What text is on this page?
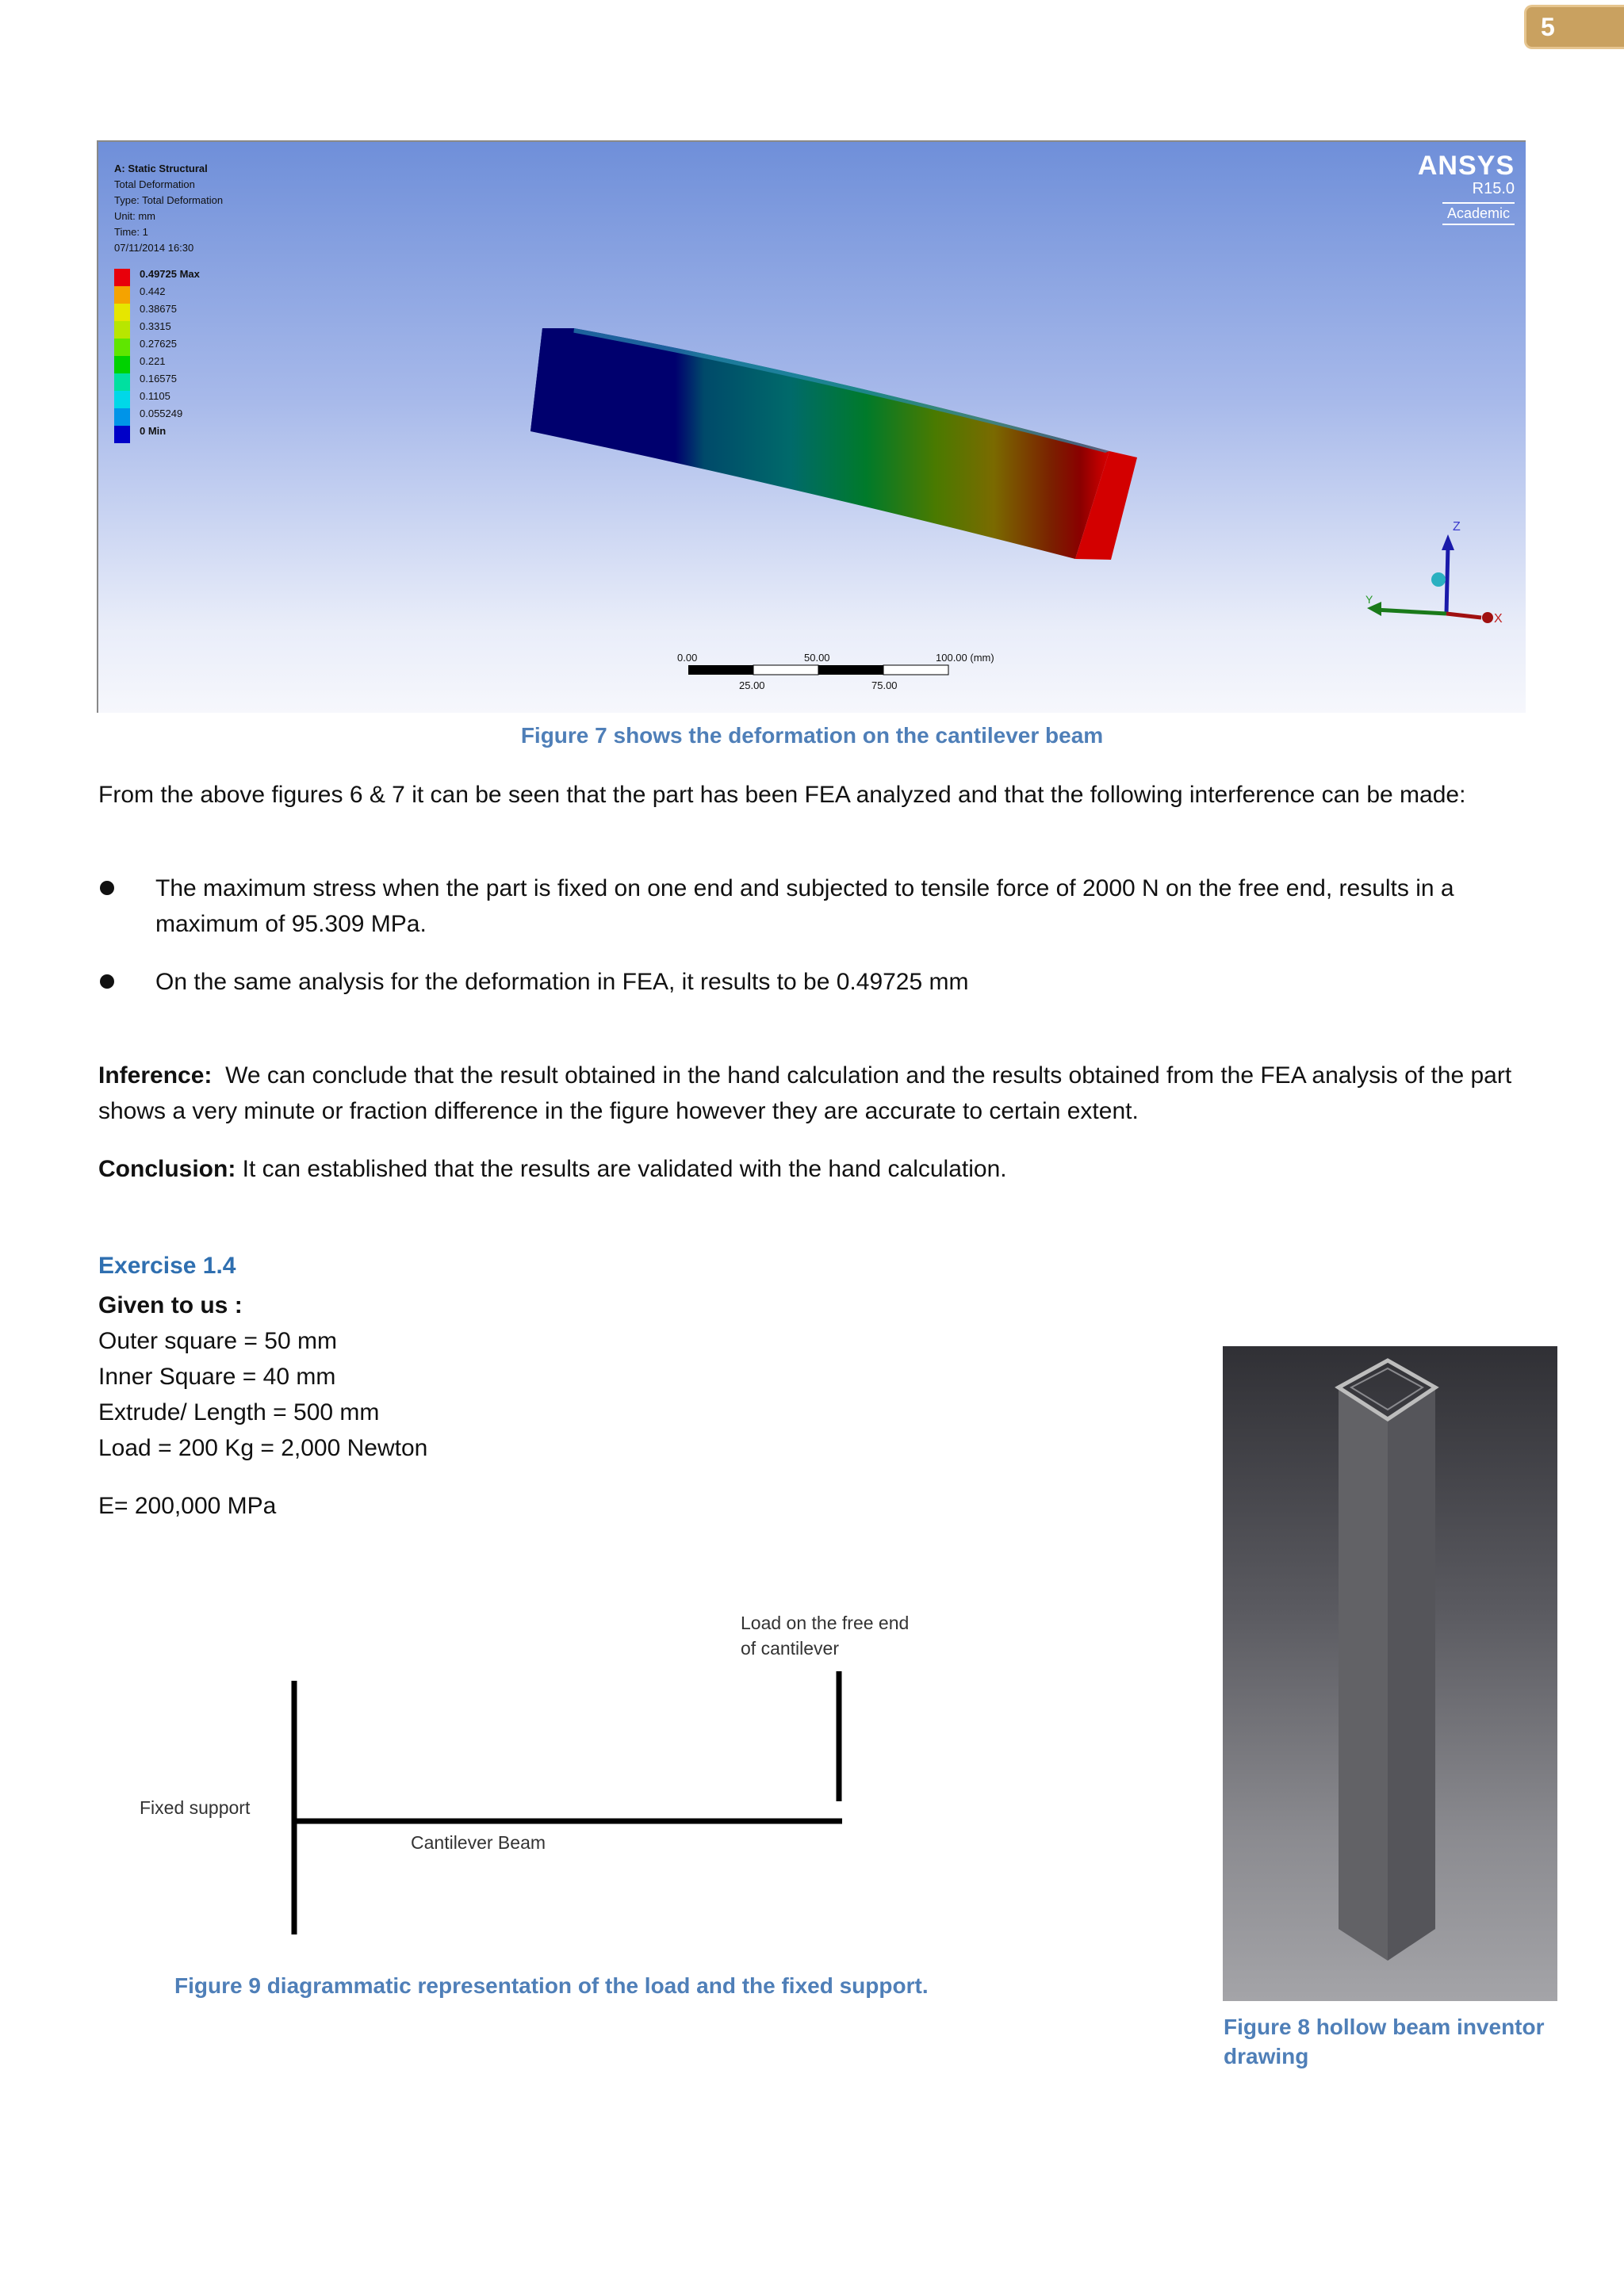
5
A: Static Structural
Total Deformation
Type: Total Deformation
Unit: mm
Time: 1
07/11/2014 16:30
0.49725 Max
0.442
0.38675
0.3315
0.27625
0.221
0.16575
0.1105
0.055249
0 Min
ANSYS
R15.0
Academic
Z
Y
X
0.00	50.00	100.00 (mm)
25.00	75.00
Figure 7 shows the deformation on the cantilever beam
From the above figures 6 & 7 it can be seen that the part has been FEA analyzed and that the following interference can be made:
The maximum stress when the part is fixed on one end and subjected to tensile force of 2000 N on the free end, results in a maximum of 95.309 MPa.
On the same analysis for the deformation in FEA, it results to be 0.49725 mm
Inference: We can conclude that the result obtained in the hand calculation and the results obtained from the FEA analysis of the part shows a very minute or fraction difference in the figure however they are accurate to certain extent.
Conclusion: It can established that the results are validated with the hand calculation.
Exercise 1.4
Given to us :
Outer square = 50 mm
Inner Square = 40 mm
Extrude/ Length = 500 mm
Load = 200 Kg = 2,000 Newton
E= 200,000 MPa
Load on the free end
of cantilever
Fixed support
Cantilever Beam
Figure 9 diagrammatic representation of the load and the fixed support.
Figure 8 hollow beam inventor
drawing
